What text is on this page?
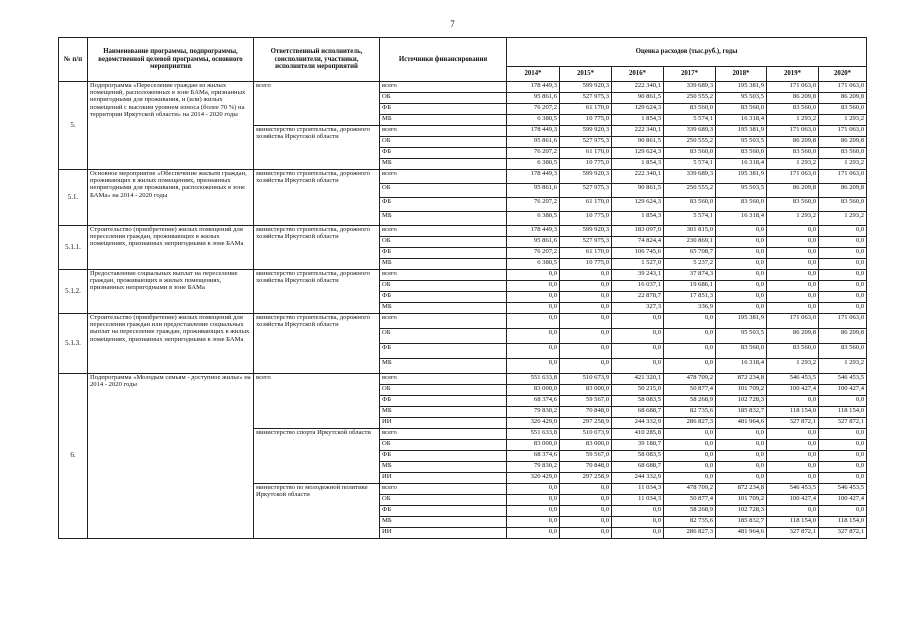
7
№ п/п	Наименование программы, подпрограммы, ведомственной целевой программы, основного мероприятия	Ответственный исполнитель, соисполнители, участники, исполнители мероприятий	Источники финансирования	Оценка расходов (тыс.руб.), годы						
				2014*	2015*	2016*	2017*	2018*	2019*	2020*
5.	Подпрограмма «Переселение граждан из жилых помещений, расположенных в зоне БАМа, признанных непригодными для проживания, и (или) жилых помещений с высоким уровнем износа (более 70 %) на территории Иркутской области» на 2014 - 2020 годы	всего	всего	178 449,3	599 920,3	222 340,1	339 689,3	195 381,9	171 063,0	171 063,0
			ОБ	95 861,6	527 975,3	90 861,5	250 555,2	95 503,5	86 209,8	86 209,8
			ФБ	76 207,2	61 170,0	129 624,3	83 560,0	83 560,0	83 560,0	83 560,0
			МБ	6 380,5	10 775,0	1 854,3	5 574,1	16 318,4	1 293,2	1 293,2
		министерство строительства, дорожного хозяйства Иркутской области	всего	178 449,3	599 920,3	222 340,1	339 689,3	195 381,9	171 063,0	171 063,0
			ОБ	95 861,6	527 975,3	90 861,5	250 555,2	95 503,5	86 209,8	86 209,8
			ФБ	76 207,2	61 170,0	129 624,3	83 560,0	83 560,0	83 560,0	83 560,0
			МБ	6 380,5	10 775,0	1 854,3	5 574,1	16 318,4	1 293,2	1 293,2
5.1.	Основное мероприятие «Обеспечение жильем граждан, проживающих в жилых помещениях, признанных непригодными для проживания, расположенных в зоне БАМа» на 2014 - 2020 годы	министерство строительства, дорожного хозяйства Иркутской области	всего	178 449,3	599 920,3	222 340,1	339 689,3	195 381,9	171 063,0	171 063,0
			ОБ	95 861,6	527 975,3	90 861,5	250 555,2	95 503,5	86 209,8	86 209,8
			ФБ	76 207,2	61 170,0	129 624,3	83 560,0	83 560,0	83 560,0	83 560,0
			МБ	6 380,5	10 775,0	1 854,3	5 574,1	16 318,4	1 293,2	1 293,2
5.1.1.	Строительство (приобретение) жилых помещений для переселения граждан, проживающих в жилых помещениях, признанных непригодными в зоне БАМа	министерство строительства, дорожного хозяйства Иркутской области	всего	178 449,3	599 920,3	183 097,0	301 815,0	0,0	0,0	0,0
			ОБ	95 861,6	527 975,3	74 824,4	230 869,1	0,0	0,0	0,0
			ФБ	76 207,2	61 170,0	106 745,6	65 708,7	0,0	0,0	0,0
			МБ	6 380,5	10 775,0	1 527,0	5 237,2	0,0	0,0	0,0
5.1.2.	Предоставление социальных выплат на переселение граждан, проживающих в жилых помещениях, признанных непригодными в зоне БАМа	министерство строительства, дорожного хозяйства Иркутской области	всего	0,0	0,0	39 243,1	37 874,3	0,0	0,0	0,0
			ОБ	0,0	0,0	16 037,1	19 686,1	0,0	0,0	0,0
			ФБ	0,0	0,0	22 878,7	17 851,3	0,0	0,0	0,0
			МБ	0,0	0,0	327,3	336,9	0,0	0,0	0,0
5.1.3.	Строительство (приобретение) жилых помещений для переселения граждан или предоставление социальных выплат на переселение граждан, проживающих в жилых помещениях, признанных непригодными в зоне БАМа	министерство строительства, дорожного хозяйства Иркутской области	всего	0,0	0,0	0,0	0,0	195 381,9	171 063,0	171 063,0
			ОБ	0,0	0,0	0,0	0,0	95 503,5	86 209,8	86 209,8
			ФБ	0,0	0,0	0,0	0,0	83 560,0	83 560,0	83 560,0
			МБ	0,0	0,0	0,0	0,0	16 318,4	1 293,2	1 293,2
6.	Подпрограмма «Молодым семьям - доступное жилье» на 2014 - 2020 годы	всего	всего	551 633,8	510 673,9	421 320,1	478 709,2	872 234,8	546 453,5	546 453,5
			ОБ	83 000,0	83 000,0	50 215,0	50 877,4	101 709,2	100 427,4	100 427,4
			ФБ	68 374,6	59 567,0	58 083,5	58 268,9	102 728,3	0,0	0,0
			МБ	79 830,2	70 848,0	68 688,7	82 735,6	185 832,7	118 154,0	118 154,0
			ИИ	320 429,0	297 258,9	244 332,9	286 827,3	481 964,6	327 872,1	327 872,1
		министерство спорта Иркутской области	всего	551 633,8	510 673,9	410 285,8	0,0	0,0	0,0	0,0
			ОБ	83 000,0	83 000,0	39 180,7	0,0	0,0	0,0	0,0
			ФБ	68 374,6	59 567,0	58 083,5	0,0	0,0	0,0	0,0
			МБ	79 830,2	70 848,0	68 688,7	0,0	0,0	0,0	0,0
			ИИ	320 429,0	297 258,9	244 332,9	0,0	0,0	0,0	0,0
		министерство по молодежной политике Иркутской области	всего	0,0	0,0	11 034,3	478 709,2	872 234,8	546 453,5	546 453,5
			ОБ	0,0	0,0	11 034,3	50 877,4	101 709,2	100 427,4	100 427,4
			ФБ	0,0	0,0	0,0	58 268,9	102 728,3	0,0	0,0
			МБ	0,0	0,0	0,0	82 735,6	185 832,7	118 154,0	118 154,0
			ИИ	0,0	0,0	0,0	286 827,3	481 964,6	327 872,1	327 872,1
